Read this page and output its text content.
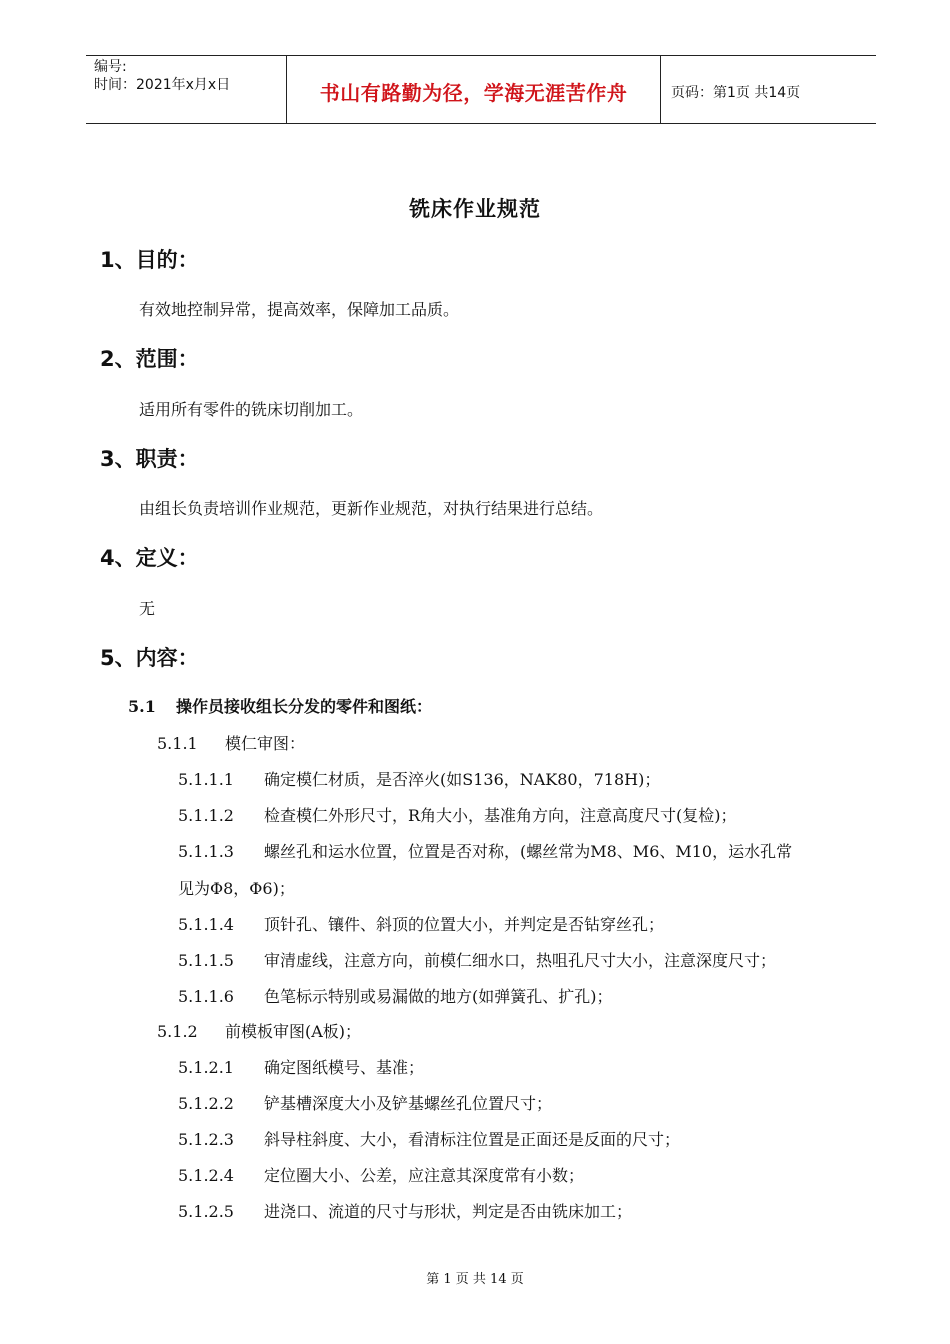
编号:
时间：2021年x月x日	书山有路勤为径，学海无涯苦作舟	页码：第1页 共14页
铣床作业规范
1、目的：
有效地控制异常，提高效率，保障加工品质。
2、范围：
适用所有零件的铣床切削加工。
3、职责：
由组长负责培训作业规范，更新作业规范，对执行结果进行总结。
4、定义：
无
5、内容：
5.1 操作员接收组长分发的零件和图纸：
5.1.1 模仁审图：
5.1.1.1 确定模仁材质，是否淬火(如S136，NAK80，718H)；
5.1.1.2 检查模仁外形尺寸，R角大小，基准角方向，注意高度尺寸(复检)；
5.1.1.3 螺丝孔和运水位置，位置是否对称，(螺丝常为M8、M6、M10，运水孔常
见为Φ8，Φ6)；
5.1.1.4 顶针孔、镶件、斜顶的位置大小，并判定是否钻穿丝孔；
5.1.1.5 审清虚线，注意方向，前模仁细水口，热咀孔尺寸大小，注意深度尺寸；
5.1.1.6 色笔标示特别或易漏做的地方(如弹簧孔、扩孔)；
5.1.2 前模板审图(A板)；
5.1.2.1 确定图纸模号、基准；
5.1.2.2 铲基槽深度大小及铲基螺丝孔位置尺寸；
5.1.2.3 斜导柱斜度、大小，看清标注位置是正面还是反面的尺寸；
5.1.2.4 定位圈大小、公差，应注意其深度常有小数；
5.1.2.5 进浇口、流道的尺寸与形状，判定是否由铣床加工；
第 1 页 共 14 页
